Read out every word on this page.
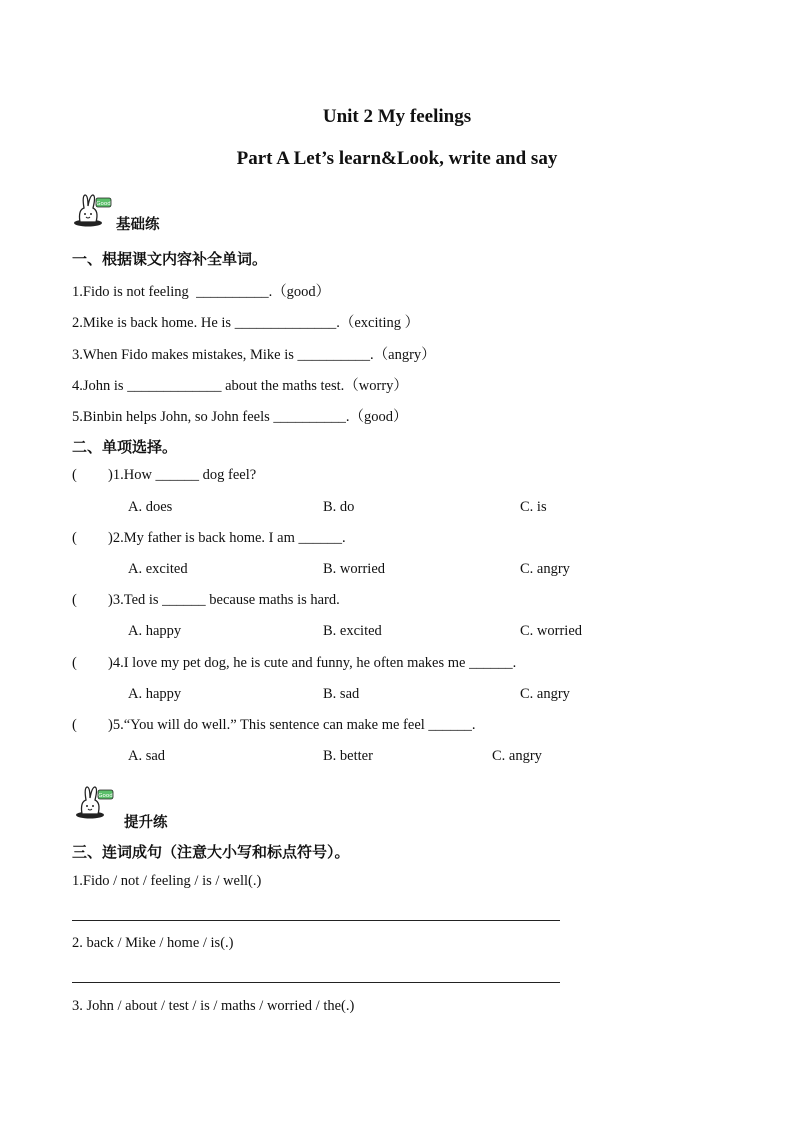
Unit 2 My feelings
Part A Let’s learn&Look, write and say
Good
基础练
一、根据课文内容补全单词。
1.Fido is not feeling __________.（good）
2.Mike is back home. He is ______________.（exciting ）
3.When Fido makes mistakes, Mike is __________.（angry）
4.John is _____________ about the maths test.（worry）
5.Binbin helps John, so John feels __________.（good）
二、单项选择。
( )1.How ______ dog feel?
A. does	B. do	C. is
( )2.My father is back home. I am ______.
A. excited	B. worried	C. angry
( )3.Ted is ______ because maths is hard.
A. happy	B. excited	C. worried
( )4.I love my pet dog, he is cute and funny, he often makes me ______.
A. happy	B. sad	C. angry
( )5.“You will do well.” This sentence can make me feel ______.
A. sad	B. better	C. angry
Good
提升练
三、连词成句（注意大小写和标点符号）。
1.Fido / not / feeling / is / well(.)
2. back / Mike / home / is(.)
3. John / about / test / is / maths / worried / the(.)
